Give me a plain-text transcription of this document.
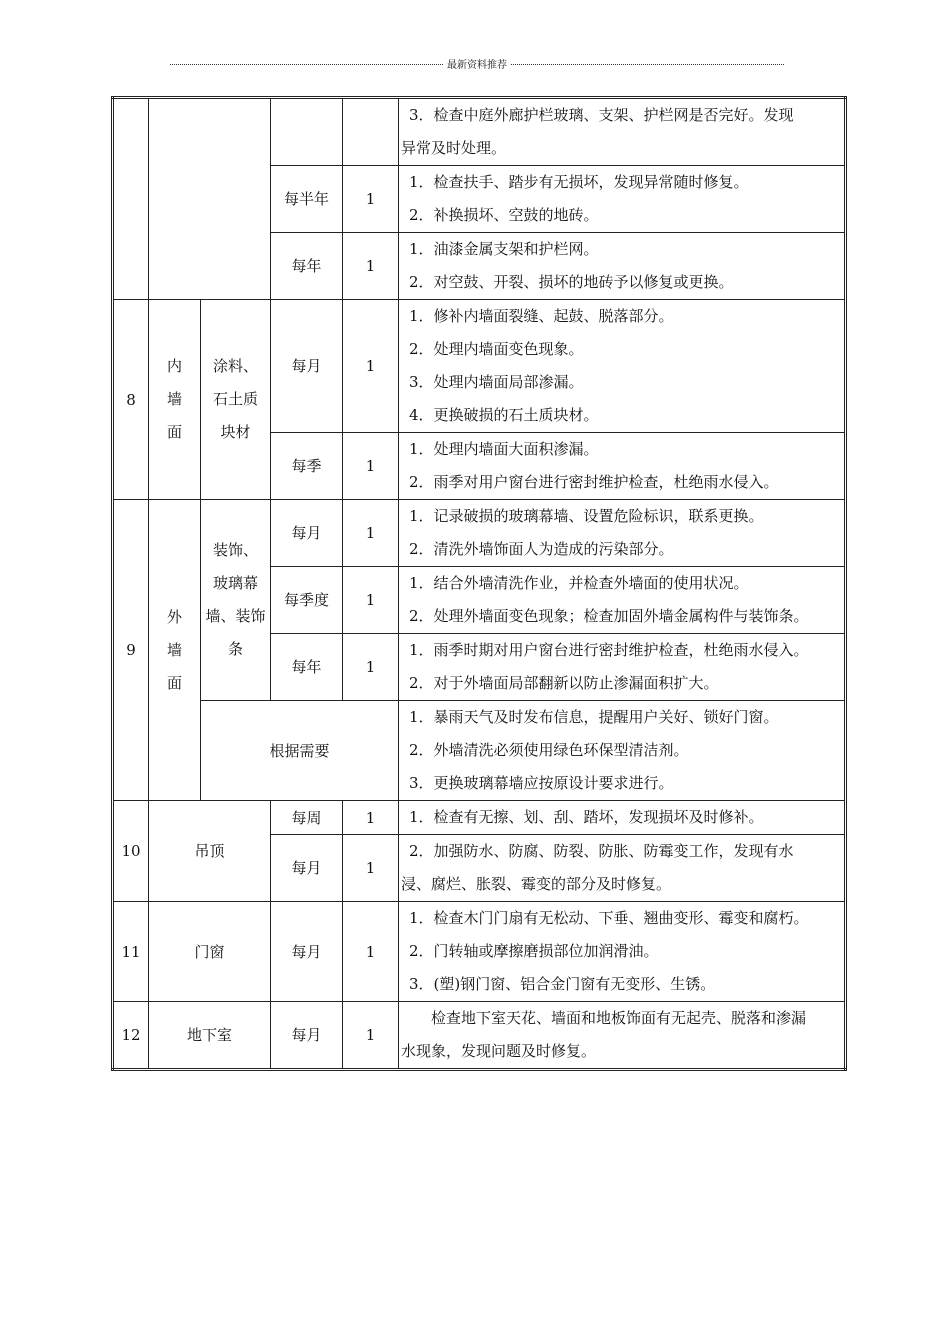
最新资料推荐

					3．检查中庭外廊护栏玻璃、支架、护栏网是否完好。发现
异常及时处理。

			每半年	1	1．检查扶手、踏步有无损坏，发现异常随时修复。
2．补换损坏、空鼓的地砖。

			每年	1	1．油漆金属支架和护栏网。
2．对空鼓、开裂、损坏的地砖予以修复或更换。

8	内
墙
面	涂料、
石土质
块材	每月	1	1．修补内墙面裂缝、起鼓、脱落部分。
2．处理内墙面变色现象。
3．处理内墙面局部渗漏。
4．更换破损的石土质块材。

			每季	1	1．处理内墙面大面积渗漏。
2．雨季对用户窗台进行密封维护检查，杜绝雨水侵入。

9	外
墙
面	装饰、
玻璃幕
墙、装饰
条	每月	1	1．记录破损的玻璃幕墙、设置危险标识，联系更换。
2．清洗外墙饰面人为造成的污染部分。

			每季度	1	1．结合外墙清洗作业，并检查外墙面的使用状况。
2．处理外墙面变色现象；检查加固外墙金属构件与装饰条。

			每年	1	1．雨季时期对用户窗台进行密封维护检查，杜绝雨水侵入。
2．对于外墙面局部翻新以防止渗漏面积扩大。

		根据需要			1．暴雨天气及时发布信息，提醒用户关好、锁好门窗。
2．外墙清洗必须使用绿色环保型清洁剂。
3．更换玻璃幕墙应按原设计要求进行。

10	吊顶		每周	1	1．检查有无擦、划、刮、踏坏，发现损坏及时修补。

			每月	1	2．加强防水、防腐、防裂、防胀、防霉变工作，发现有水
浸、腐烂、胀裂、霉变的部分及时修复。

11	门窗		每月	1	1．检查木门门扇有无松动、下垂、翘曲变形、霉变和腐朽。
2．门转轴或摩擦磨损部位加润滑油。
3．(塑)钢门窗、铝合金门窗有无变形、生锈。

12	地下室		每月	1	检查地下室天花、墙面和地板饰面有无起壳、脱落和渗漏
水现象，发现问题及时修复。
